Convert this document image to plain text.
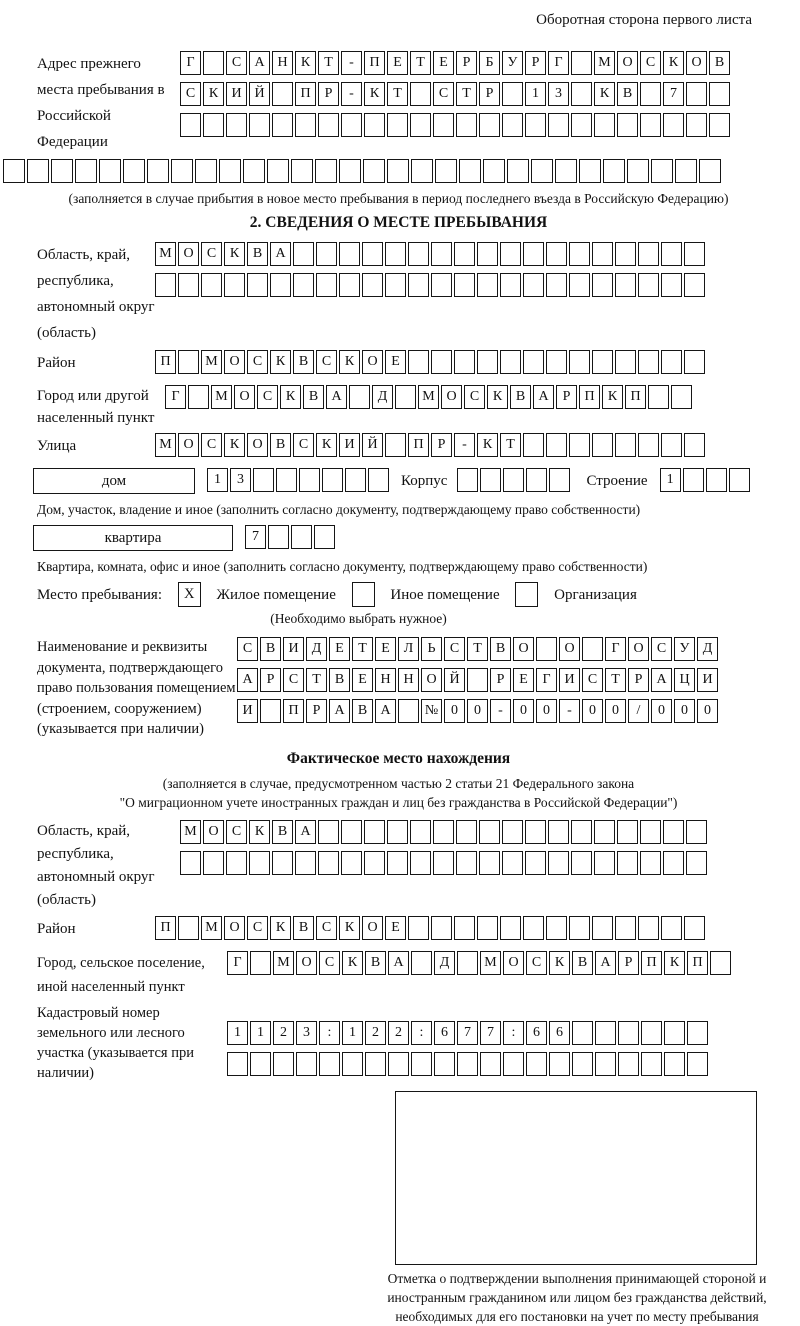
Оборотная сторона первого листа
Адрес прежнего места пребывания в Российской Федерации
Г	С А Н К Т - П Е Т Е Р Б У Р Г	М О С К О В
С К И Й	П Р - К Т	С Т Р	1 3	К В	7
(заполняется в случае прибытия в новое место пребывания в период последнего въезда в Российскую Федерацию)
2. СВЕДЕНИЯ О МЕСТЕ ПРЕБЫВАНИЯ
Область, край, республика, автономный округ (область)
М О С К В А
Район	П М О С К В С К О Е
Город или другой населенный пункт
Г	М О С К В А	Д М О С К В А Р П К П
Улица	М О С К О В С К И Й	П Р - К Т
дом	1 3	Корпус	Строение 1
Дом, участок, владение и иное (заполнить согласно документу, подтверждающему право собственности)
квартира	7
Квартира, комната, офис и иное (заполнить согласно документу, подтверждающему право собственности)
Место пребывания: X Жилое помещение	Иное помещение	Организация
(Необходимо выбрать нужное)
Наименование и реквизиты документа, подтверждающего право пользования помещением (строением, сооружением) (указывается при наличии)
С В И Д Е Т Е Л Ь С Т В О	О	Г О С У Д
А Р С Т В Е Н Н О Й	Р Е Г И С Т Р А Ц И
И	П Р А В А № 0 0 - 0 0 - 0 0 / 0 0 0
Фактическое место нахождения
(заполняется в случае, предусмотренном частью 2 статьи 21 Федерального закона
"О миграционном учете иностранных граждан и лиц без гражданства в Российской Федерации")
Область, край, республика, автономный округ (область)
М О С К В А
Район	П М О С К В С К О Е
Город, сельское поселение, иной населенный пункт
Г	М О С К В А	Д М О С К В А Р П К П
Кадастровый номер земельного или лесного участка (указывается при наличии)
1 1 2 3 : 1 2 2 : 6 7 7 : 6 6
Отметка о подтверждении выполнения принимающей стороной и иностранным гражданином или лицом без гражданства действий, необходимых для его постановки на учет по месту пребывания
